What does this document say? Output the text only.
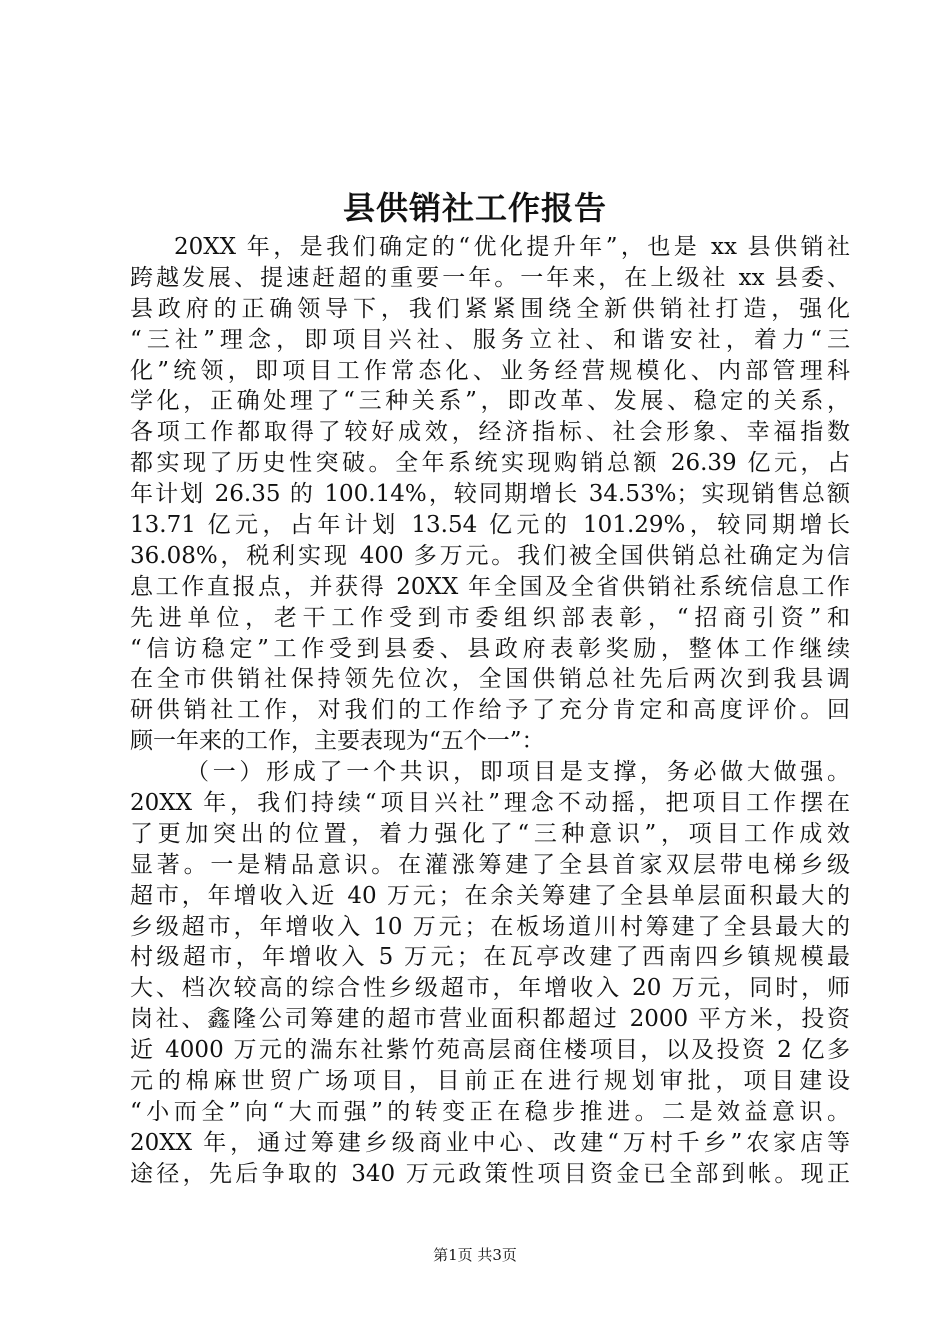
县供销社工作报告
20XX 年，是我们确定的“优化提升年”，也是 xx 县供销社
跨越发展、提速赶超的重要一年。一年来，在上级社 xx 县委、
县政府的正确领导下，我们紧紧围绕全新供销社打造，强化
“三社”理念，即项目兴社、服务立社、和谐安社，着力“三
化”统领，即项目工作常态化、业务经营规模化、内部管理科
学化，正确处理了“三种关系”，即改革、发展、稳定的关系，
各项工作都取得了较好成效，经济指标、社会形象、幸福指数
都实现了历史性突破。全年系统实现购销总额 26.39 亿元，占
年计划 26.35 的 100.14%，较同期增长 34.53%；实现销售总额
13.71 亿元，占年计划 13.54 亿元的 101.29%，较同期增长
36.08%，税利实现 400 多万元。我们被全国供销总社确定为信
息工作直报点，并获得 20XX 年全国及全省供销社系统信息工作
先进单位，老干工作受到市委组织部表彰，“招商引资”和
“信访稳定”工作受到县委、县政府表彰奖励，整体工作继续
在全市供销社保持领先位次，全国供销总社先后两次到我县调
研供销社工作，对我们的工作给予了充分肯定和高度评价。回
顾一年来的工作，主要表现为“五个一”：
（一）形成了一个共识，即项目是支撑，务必做大做强。
20XX 年，我们持续“项目兴社”理念不动摇，把项目工作摆在
了更加突出的位置，着力强化了“三种意识”，项目工作成效
显著。一是精品意识。在灌涨筹建了全县首家双层带电梯乡级
超市，年增收入近 40 万元；在余关筹建了全县单层面积最大的
乡级超市，年增收入 10 万元；在板场道川村筹建了全县最大的
村级超市，年增收入 5 万元；在瓦亭改建了西南四乡镇规模最
大、档次较高的综合性乡级超市，年增收入 20 万元，同时，师
岗社、鑫隆公司筹建的超市营业面积都超过 2000 平方米，投资
近 4000 万元的湍东社紫竹苑高层商住楼项目，以及投资 2 亿多
元的棉麻世贸广场项目，目前正在进行规划审批，项目建设
“小而全”向“大而强”的转变正在稳步推进。二是效益意识。
20XX 年，通过筹建乡级商业中心、改建“万村千乡”农家店等
途径，先后争取的 340 万元政策性项目资金已全部到帐。现正
第1页 共3页
